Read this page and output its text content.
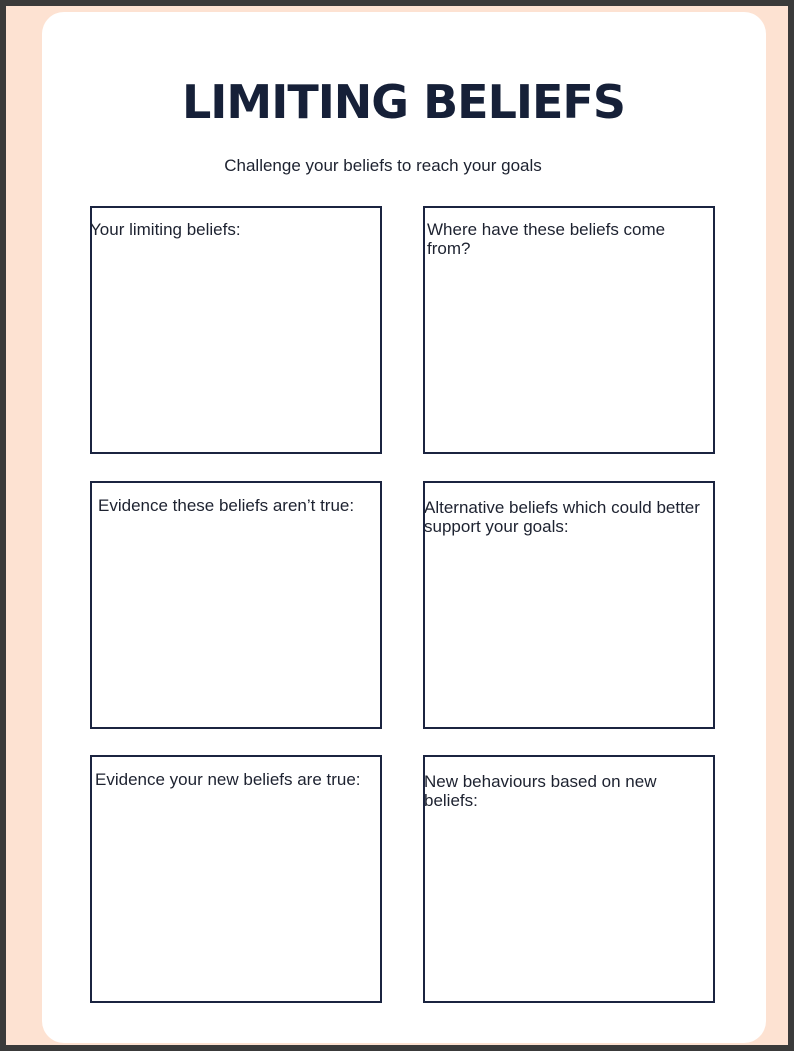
LIMITING BELIEFS
Challenge your beliefs to reach your goals
Your limiting beliefs:	Where have these beliefs come from?
Evidence these beliefs aren’t true:	Alternative beliefs which could better support your goals:
Evidence your new beliefs are true:	New behaviours based on new beliefs:
